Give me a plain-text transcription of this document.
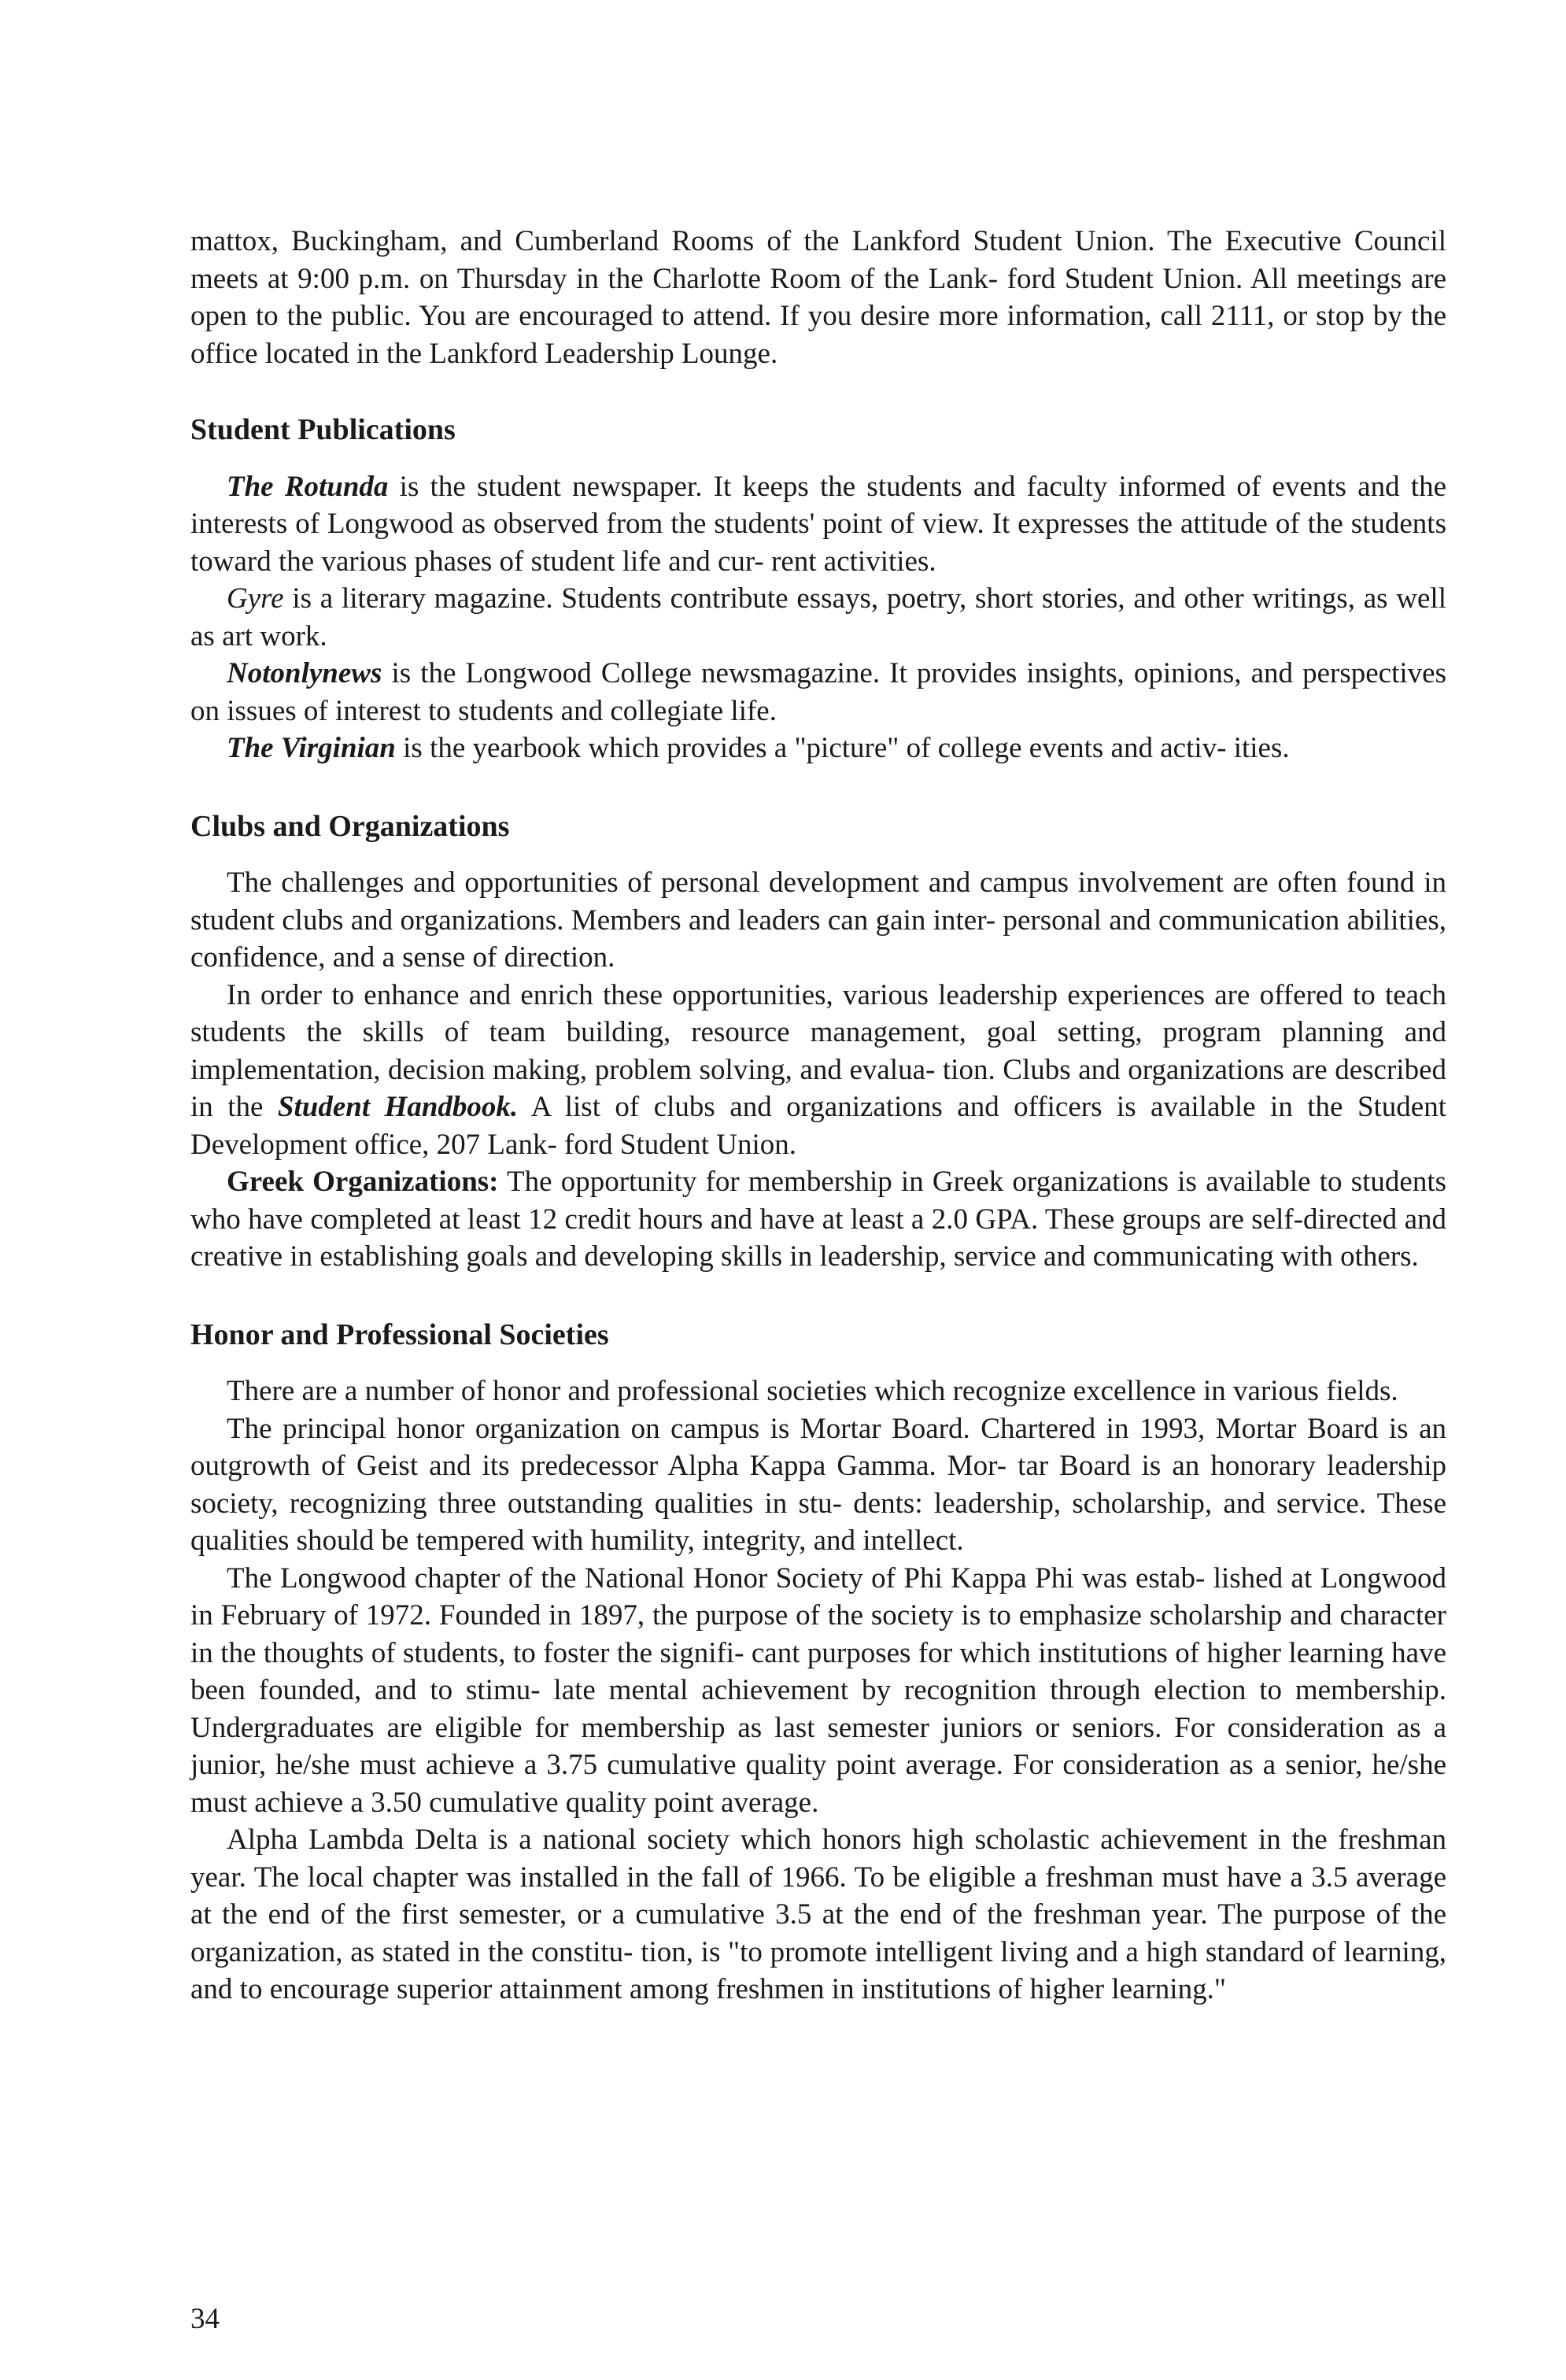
mattox, Buckingham, and Cumberland Rooms of the Lankford Student Union. The Executive Council meets at 9:00 p.m. on Thursday in the Charlotte Room of the Lank- ford Student Union. All meetings are open to the public. You are encouraged to attend. If you desire more information, call 2111, or stop by the office located in the Lankford Leadership Lounge.

Student Publications

The Rotunda is the student newspaper. It keeps the students and faculty informed of events and the interests of Longwood as observed from the students' point of view. It expresses the attitude of the students toward the various phases of student life and cur- rent activities.

Gyre is a literary magazine. Students contribute essays, poetry, short stories, and other writings, as well as art work.

Notonlynews is the Longwood College newsmagazine. It provides insights, opinions, and perspectives on issues of interest to students and collegiate life.

The Virginian is the yearbook which provides a "picture" of college events and activ- ities.

Clubs and Organizations

The challenges and opportunities of personal development and campus involvement are often found in student clubs and organizations. Members and leaders can gain inter- personal and communication abilities, confidence, and a sense of direction.

In order to enhance and enrich these opportunities, various leadership experiences are offered to teach students the skills of team building, resource management, goal setting, program planning and implementation, decision making, problem solving, and evalua- tion. Clubs and organizations are described in the Student Handbook. A list of clubs and organizations and officers is available in the Student Development office, 207 Lank- ford Student Union.

Greek Organizations: The opportunity for membership in Greek organizations is available to students who have completed at least 12 credit hours and have at least a 2.0 GPA. These groups are self-directed and creative in establishing goals and developing skills in leadership, service and communicating with others.

Honor and Professional Societies

There are a number of honor and professional societies which recognize excellence in various fields.

The principal honor organization on campus is Mortar Board. Chartered in 1993, Mortar Board is an outgrowth of Geist and its predecessor Alpha Kappa Gamma. Mor- tar Board is an honorary leadership society, recognizing three outstanding qualities in stu- dents: leadership, scholarship, and service. These qualities should be tempered with humility, integrity, and intellect.

The Longwood chapter of the National Honor Society of Phi Kappa Phi was estab- lished at Longwood in February of 1972. Founded in 1897, the purpose of the society is to emphasize scholarship and character in the thoughts of students, to foster the signifi- cant purposes for which institutions of higher learning have been founded, and to stimu- late mental achievement by recognition through election to membership. Undergraduates are eligible for membership as last semester juniors or seniors. For consideration as a junior, he/she must achieve a 3.75 cumulative quality point average. For consideration as a senior, he/she must achieve a 3.50 cumulative quality point average.

Alpha Lambda Delta is a national society which honors high scholastic achievement in the freshman year. The local chapter was installed in the fall of 1966. To be eligible a freshman must have a 3.5 average at the end of the first semester, or a cumulative 3.5 at the end of the freshman year. The purpose of the organization, as stated in the constitu- tion, is "to promote intelligent living and a high standard of learning, and to encourage superior attainment among freshmen in institutions of higher learning."

34
